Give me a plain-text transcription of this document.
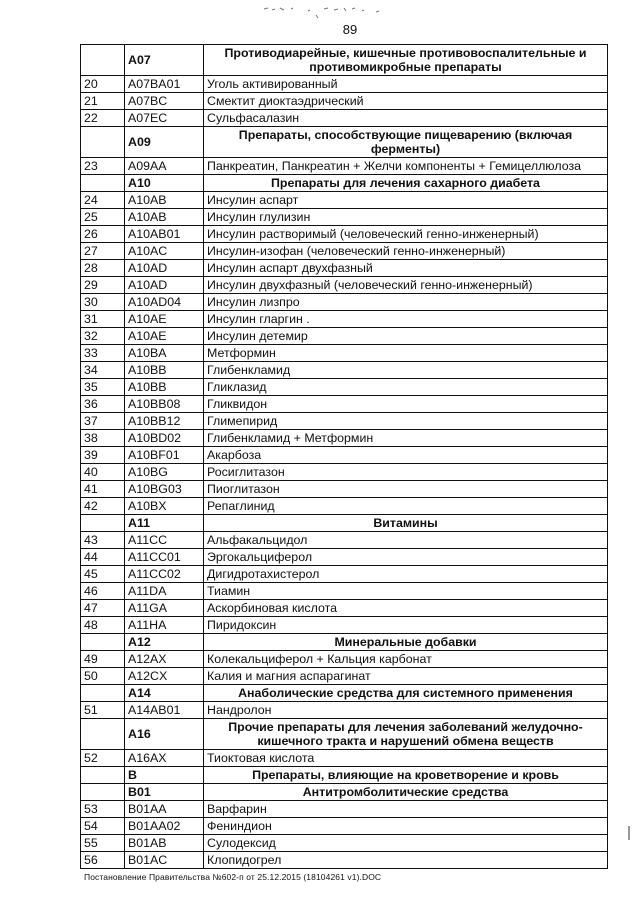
89
	A07	Противодиарейные, кишечные противовоспалительные и противомикробные препараты
20	A07BA01	Уголь активированный
21	A07BC	Смектит диоктаэдрический
22	A07EC	Сульфасалазин
	A09	Препараты, способствующие пищеварению (включая ферменты)
23	A09AA	Панкреатин, Панкреатин + Желчи компоненты + Гемицеллюлоза
	A10	Препараты для лечения сахарного диабета
24	A10AB	Инсулин аспарт
25	A10AB	Инсулин глулизин
26	A10AB01	Инсулин растворимый (человеческий генно-инженерный)
27	A10AC	Инсулин-изофан (человеческий генно-инженерный)
28	A10AD	Инсулин аспарт двухфазный
29	A10AD	Инсулин двухфазный (человеческий генно-инженерный)
30	A10AD04	Инсулин лизпро
31	A10AE	Инсулин гларгин .
32	A10AE	Инсулин детемир
33	A10BA	Метформин
34	A10BB	Глибенкламид
35	A10BB	Гликлазид
36	A10BB08	Гликвидон
37	A10BB12	Глимепирид
38	A10BD02	Глибенкламид + Метформин
39	A10BF01	Акарбоза
40	A10BG	Росиглитазон
41	A10BG03	Пиоглитазон
42	A10BX	Репаглинид
	A11	Витамины
43	A11CC	Альфакальцидол
44	A11CC01	Эргокальциферол
45	A11CC02	Дигидротахистерол
46	A11DA	Тиамин
47	A11GA	Аскорбиновая кислота
48	A11HA	Пиридоксин
	A12	Минеральные добавки
49	A12AX	Колекальциферол + Кальция карбонат
50	A12CX	Калия и магния аспарагинат
	A14	Анаболические средства для системного применения
51	A14AB01	Нандролон
	A16	Прочие препараты для лечения заболеваний желудочно-кишечного тракта и нарушений обмена веществ
52	A16AX	Тиоктовая кислота
	B	Препараты, влияющие на кроветворение и кровь
	B01	Антитромболитические средства
53	B01AA	Варфарин
54	B01AA02	Фениндион
55	B01AB	Сулодексид
56	B01AC	Клопидогрел
Постановление Правительства №602-п от 25.12.2015 (18104261 v1).DOC
